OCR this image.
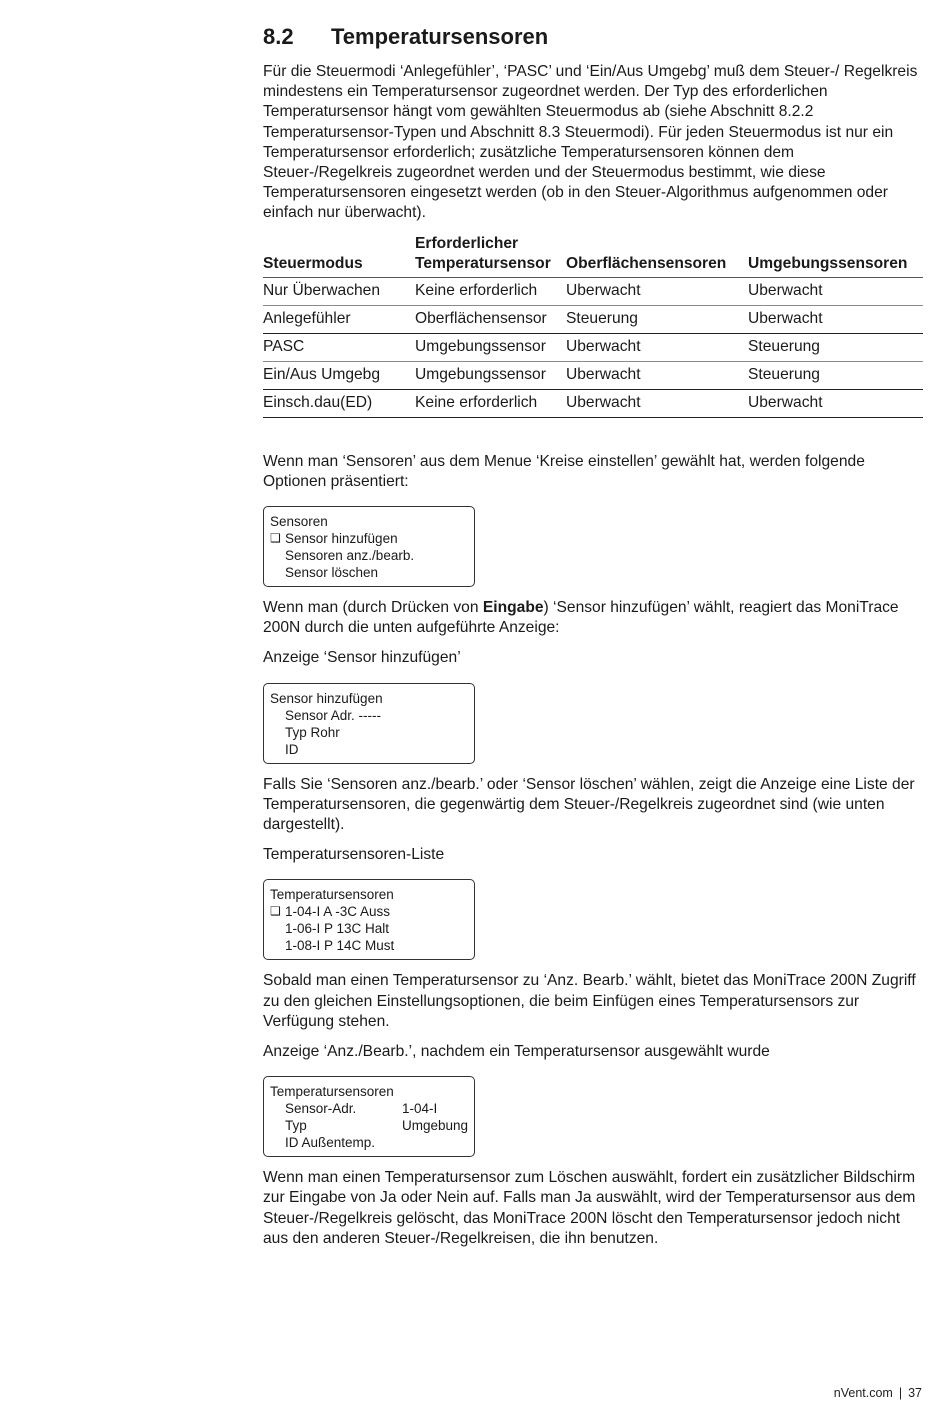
8.2	Temperatursensoren

Für die Steuermodi ‘Anlegefühler’, ‘PASC’ und ‘Ein/Aus Umgebg’ muß dem Steuer-/ Regelkreis mindestens ein Temperatursensor zugeordnet werden. Der Typ des erforderlichen Temperatursensor hängt vom gewählten Steuermodus ab (siehe Abschnitt 8.2.2 Temperatursensor-Typen und Abschnitt 8.3 Steuermodi). Für jeden Steuermodus ist nur ein Temperatursensor erforderlich; zusätzliche Temperatursensoren können dem Steuer-/Regelkreis zugeordnet werden und der Steuermodus bestimmt, wie diese Temperatursensoren eingesetzt werden (ob in den Steuer-Algorithmus aufgenommen oder einfach nur überwacht).

Steuermodus	Erforderlicher Temperatursensor	Oberflächensensoren	Umgebungssensoren
Nur Überwachen	Keine erforderlich	Uberwacht	Uberwacht
Anlegefühler	Oberflächensensor	Steuerung	Uberwacht
PASC	Umgebungssensor	Uberwacht	Steuerung
Ein/Aus Umgebg	Umgebungssensor	Uberwacht	Steuerung
Einsch.dau(ED)	Keine erforderlich	Uberwacht	Uberwacht

Wenn man ‘Sensoren’ aus dem Menue ‘Kreise einstellen’ gewählt hat, werden folgende Optionen präsentiert:

Sensoren
❑ Sensor hinzufügen
Sensoren anz./bearb.
Sensor löschen

Wenn man (durch Drücken von Eingabe) ‘Sensor hinzufügen’ wählt, reagiert das MoniTrace 200N durch die unten aufgeführte Anzeige:

Anzeige ‘Sensor hinzufügen’

Sensor hinzufügen
Sensor Adr. -----
Typ Rohr
ID

Falls Sie ‘Sensoren anz./bearb.’ oder ‘Sensor löschen’ wählen, zeigt die Anzeige eine Liste der Temperatursensoren, die gegenwärtig dem Steuer-/Regelkreis zugeordnet sind (wie unten dargestellt).

Temperatursensoren-Liste

Temperatursensoren
❑ 1-04-I A -3C Auss
1-06-I P 13C Halt
1-08-I P 14C Must

Sobald man einen Temperatursensor zu ‘Anz. Bearb.’ wählt, bietet das MoniTrace 200N Zugriff zu den gleichen Einstellungsoptionen, die beim Einfügen eines Temperatursensors zur Verfügung stehen.

Anzeige ‘Anz./Bearb.’, nachdem ein Temperatursensor ausgewählt wurde

Temperatursensoren
Sensor-Adr.	1-04-I
Typ	Umgebung
ID Außentemp.

Wenn man einen Temperatursensor zum Löschen auswählt, fordert ein zusätzlicher Bildschirm zur Eingabe von Ja oder Nein auf. Falls man Ja auswählt, wird der Temperatursensor aus dem Steuer-/Regelkreis gelöscht, das MoniTrace 200N löscht den Temperatursensor jedoch nicht aus den anderen Steuer-/Regelkreisen, die ihn benutzen.

nVent.com | 37
